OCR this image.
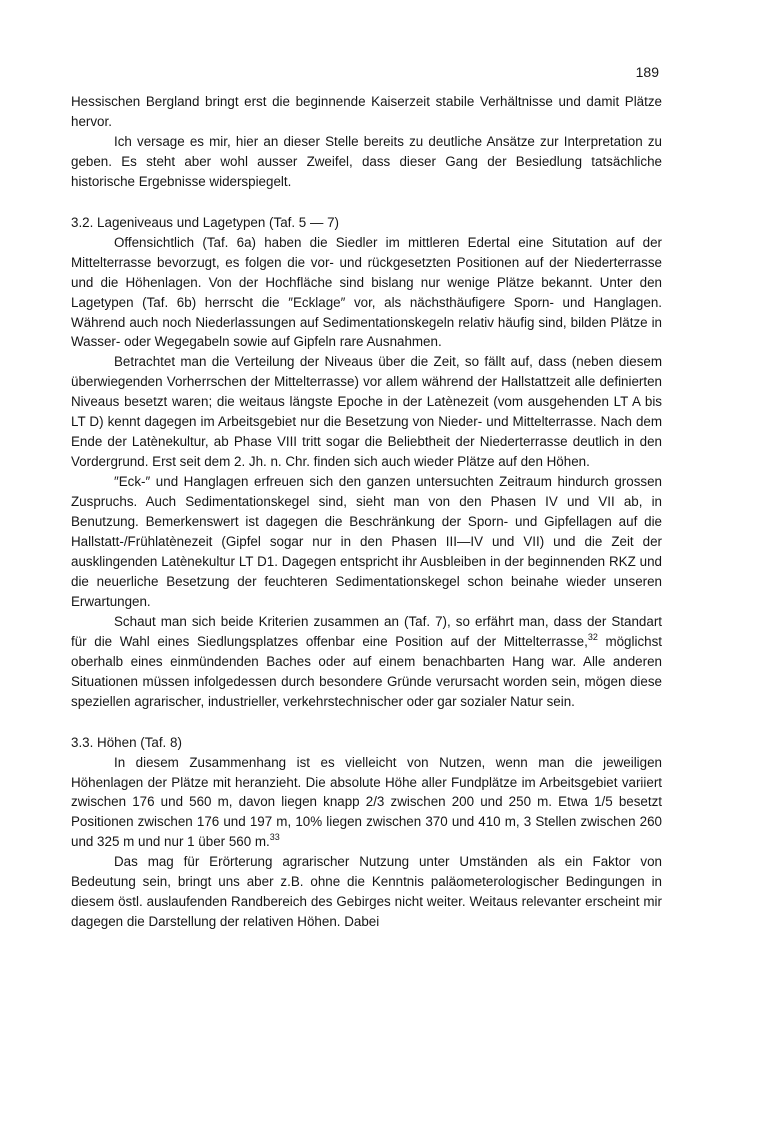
189

Hessischen Bergland bringt erst die beginnende Kaiserzeit stabile Verhältnisse und damit Plätze hervor.

Ich versage es mir, hier an dieser Stelle bereits zu deutliche Ansätze zur Interpretation zu geben. Es steht aber wohl ausser Zweifel, dass dieser Gang der Besiedlung tatsächliche historische Ergebnisse widerspiegelt.

3.2. Lageniveaus und Lagetypen (Taf. 5 — 7)

Offensichtlich (Taf. 6a) haben die Siedler im mittleren Edertal eine Situtation auf der Mittelterrasse bevorzugt, es folgen die vor- und rückgesetzten Positionen auf der Niederterrasse und die Höhenlagen. Von der Hochfläche sind bislang nur wenige Plätze bekannt. Unter den Lagetypen (Taf. 6b) herrscht die ″Ecklage″ vor, als nächsthäufigere Sporn- und Hanglagen. Während auch noch Niederlassungen auf Sedimentationskegeln relativ häufig sind, bilden Plätze in Wasser- oder Wegegabeln sowie auf Gipfeln rare Ausnahmen.

Betrachtet man die Verteilung der Niveaus über die Zeit, so fällt auf, dass (neben diesem überwiegenden Vorherrschen der Mittelterrasse) vor allem während der Hallstattzeit alle definierten Niveaus besetzt waren; die weitaus längste Epoche in der Latènezeit (vom ausgehenden LT A bis LT D) kennt dagegen im Arbeitsgebiet nur die Besetzung von Nieder- und Mittelterrasse. Nach dem Ende der Latènekultur, ab Phase VIII tritt sogar die Beliebtheit der Niederterrasse deutlich in den Vordergrund. Erst seit dem 2. Jh. n. Chr. finden sich auch wieder Plätze auf den Höhen.

″Eck-″ und Hanglagen erfreuen sich den ganzen untersuchten Zeitraum hindurch grossen Zuspruchs. Auch Sedimentationskegel sind, sieht man von den Phasen IV und VII ab, in Benutzung. Bemerkenswert ist dagegen die Beschränkung der Sporn- und Gipfellagen auf die Hallstatt-/Frühlatènezeit (Gipfel sogar nur in den Phasen III—IV und VII) und die Zeit der ausklingenden Latènekultur LT D1. Dagegen entspricht ihr Ausbleiben in der beginnenden RKZ und die neuerliche Besetzung der feuchteren Sedimentationskegel schon beinahe wieder unseren Erwartungen.

Schaut man sich beide Kriterien zusammen an (Taf. 7), so erfährt man, dass der Standart für die Wahl eines Siedlungsplatzes offenbar eine Position auf der Mittelterrasse,$^{32}$ möglichst oberhalb eines einmündenden Baches oder auf einem benachbarten Hang war. Alle anderen Situationen müssen infolgedessen durch besondere Gründe verursacht worden sein, mögen diese speziellen agrarischer, industrieller, verkehrstechnischer oder gar sozialer Natur sein.

3.3. Höhen (Taf. 8)

In diesem Zusammenhang ist es vielleicht von Nutzen, wenn man die jeweiligen Höhenlagen der Plätze mit heranzieht. Die absolute Höhe aller Fundplätze im Arbeitsgebiet variiert zwischen 176 und 560 m, davon liegen knapp 2/3 zwischen 200 und 250 m. Etwa 1/5 besetzt Positionen zwischen 176 und 197 m, 10% liegen zwischen 370 und 410 m, 3 Stellen zwischen 260 und 325 m und nur 1 über 560 m.$^{33}$

Das mag für Erörterung agrarischer Nutzung unter Umständen als ein Faktor von Bedeutung sein, bringt uns aber z.B. ohne die Kenntnis paläometerologischer Bedingungen in diesem östl. auslaufenden Randbereich des Gebirges nicht weiter. Weitaus relevanter erscheint mir dagegen die Darstellung der relativen Höhen. Dabei
